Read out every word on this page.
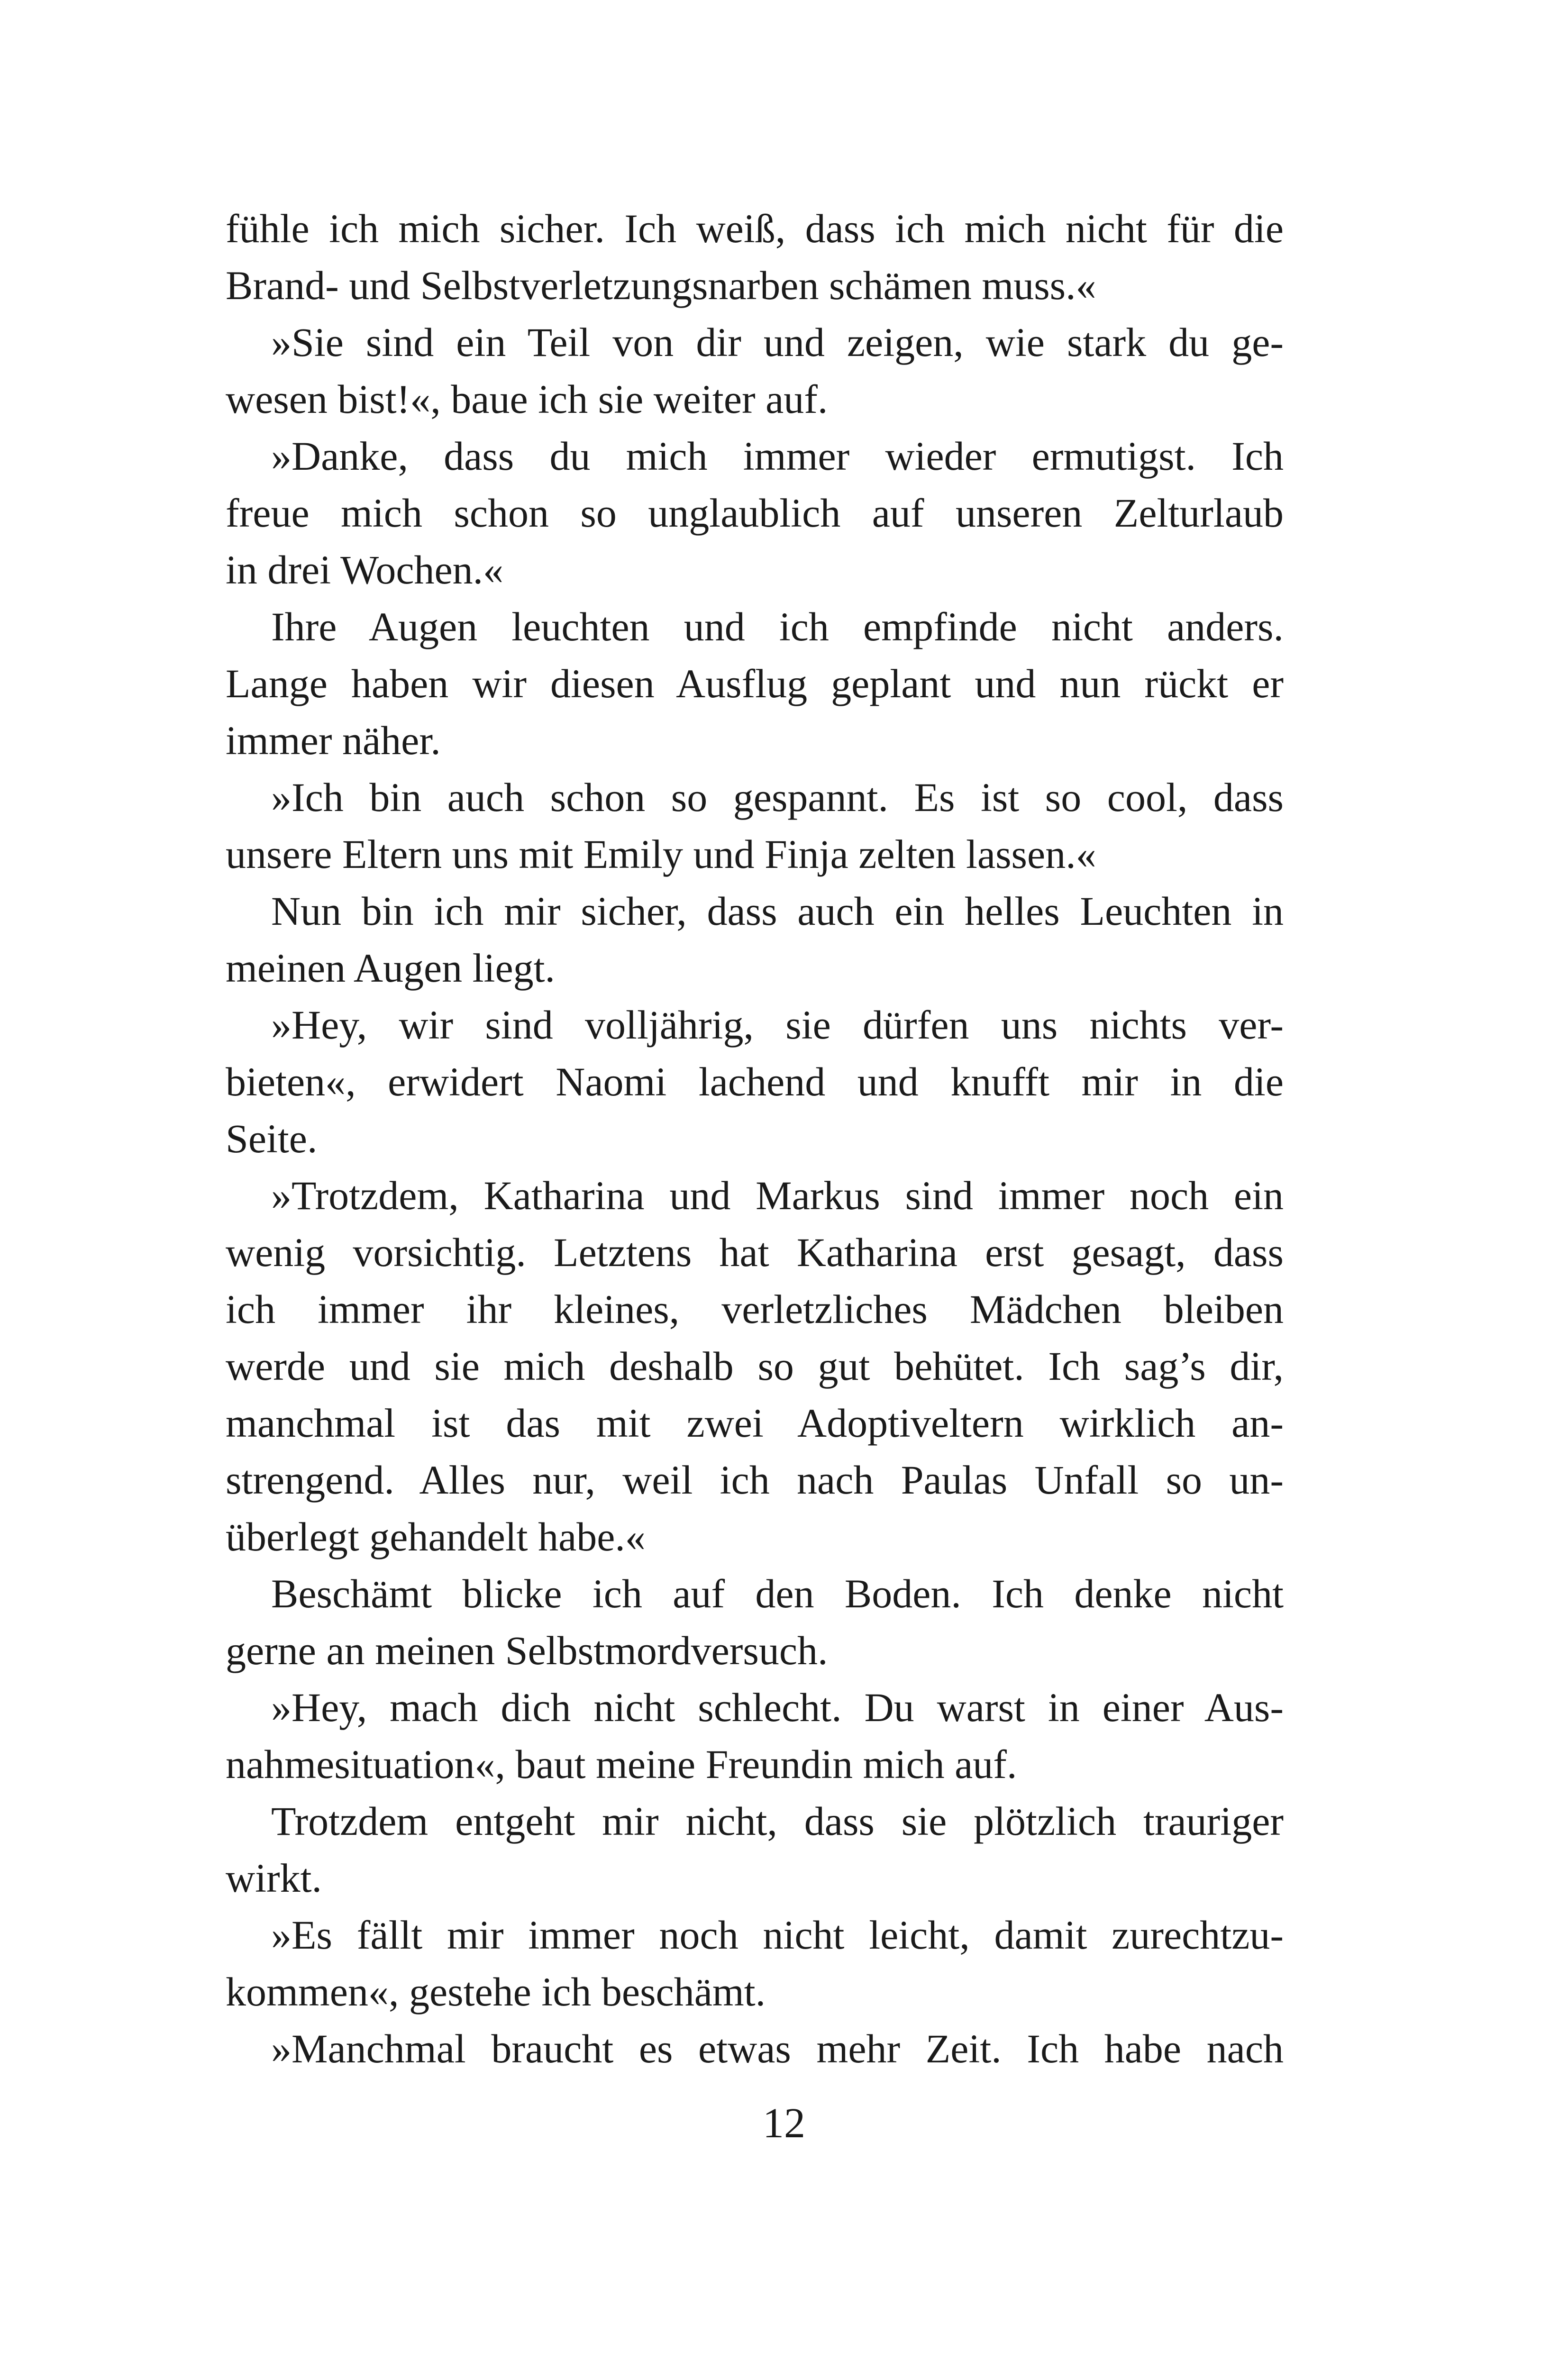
fühle ich mich sicher. Ich weiß, dass ich mich nicht für die
Brand- und Selbstverletzungsnarben schämen muss.«
»Sie sind ein Teil von dir und zeigen, wie stark du ge-
wesen bist!«, baue ich sie weiter auf.
»Danke, dass du mich immer wieder ermutigst. Ich
freue mich schon so unglaublich auf unseren Zelturlaub
in drei Wochen.«
Ihre Augen leuchten und ich empfinde nicht anders.
Lange haben wir diesen Ausflug geplant und nun rückt er
immer näher.
»Ich bin auch schon so gespannt. Es ist so cool, dass
unsere Eltern uns mit Emily und Finja zelten lassen.«
Nun bin ich mir sicher, dass auch ein helles Leuchten in
meinen Augen liegt.
»Hey, wir sind volljährig, sie dürfen uns nichts ver-
bieten«, erwidert Naomi lachend und knufft mir in die
Seite.
»Trotzdem, Katharina und Markus sind immer noch ein
wenig vorsichtig. Letztens hat Katharina erst gesagt, dass
ich immer ihr kleines, verletzliches Mädchen bleiben
werde und sie mich deshalb so gut behütet. Ich sag’s dir,
manchmal ist das mit zwei Adoptiveltern wirklich an-
strengend. Alles nur, weil ich nach Paulas Unfall so un-
überlegt gehandelt habe.«
Beschämt blicke ich auf den Boden. Ich denke nicht
gerne an meinen Selbstmordversuch.
»Hey, mach dich nicht schlecht. Du warst in einer Aus-
nahmesituation«, baut meine Freundin mich auf.
Trotzdem entgeht mir nicht, dass sie plötzlich trauriger
wirkt.
»Es fällt mir immer noch nicht leicht, damit zurechtzu-
kommen«, gestehe ich beschämt.
»Manchmal braucht es etwas mehr Zeit. Ich habe nach
12
